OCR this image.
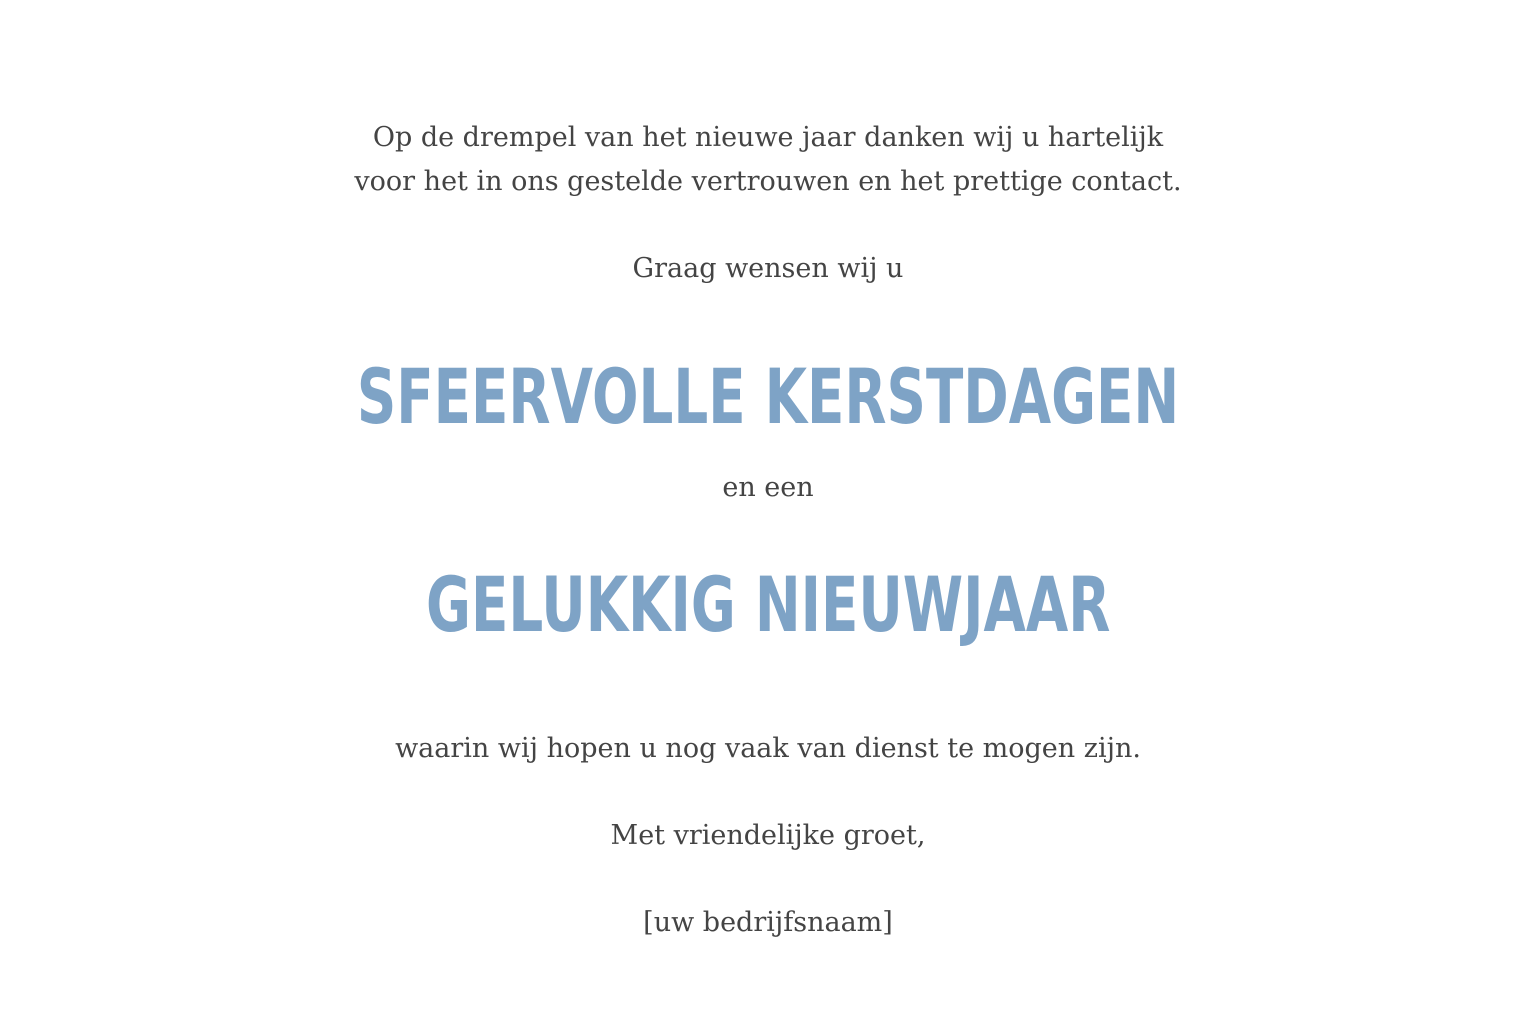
Op de drempel van het nieuwe jaar danken wij u hartelijk
voor het in ons gestelde vertrouwen en het prettige contact.
Graag wensen wij u
SFEERVOLLE KERSTDAGEN
en een
GELUKKIG NIEUWJAAR
waarin wij hopen u nog vaak van dienst te mogen zijn.
Met vriendelijke groet,
[uw bedrijfsnaam]
